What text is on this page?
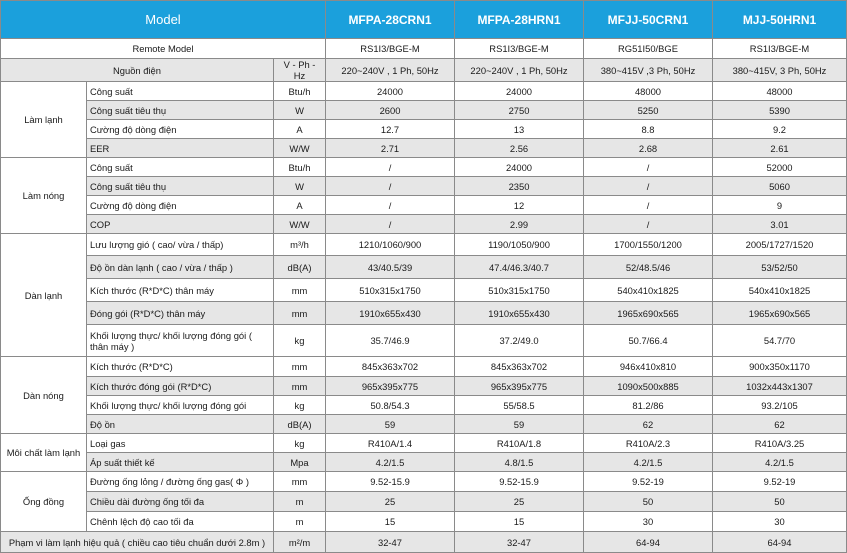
Model			MFPA-28CRN1	MFPA-28HRN1	MFJJ-50CRN1	MJJ-50HRN1
Remote Model			RS1I3/BGE-M	RS1I3/BGE-M	RG51I50/BGE	RS1I3/BGE-M
Nguồn điện		V - Ph - Hz	220~240V , 1 Ph, 50Hz	220~240V , 1 Ph, 50Hz	380~415V ,3 Ph, 50Hz	380~415V, 3 Ph, 50Hz
Làm lạnh	Công suất	Btu/h	24000	24000	48000	48000
	Công suất tiêu thụ	W	2600	2750	5250	5390
	Cường độ dòng điện	A	12.7	13	8.8	9.2
	EER	W/W	2.71	2.56	2.68	2.61
Làm nóng	Công suất	Btu/h	/	24000	/	52000
	Công suất tiêu thụ	W	/	2350	/	5060
	Cường độ dòng điện	A	/	12	/	9
	COP	W/W	/	2.99	/	3.01
Dàn lạnh	Lưu lượng gió ( cao/ vừa / thấp)	m³/h	1210/1060/900	1190/1050/900	1700/1550/1200	2005/1727/1520
	Độ ồn dàn lạnh ( cao / vừa / thấp )	dB(A)	43/40.5/39	47.4/46.3/40.7	52/48.5/46	53/52/50
	Kích thước (R*D*C) thân máy	mm	510x315x1750	510x315x1750	540x410x1825	540x410x1825
	Đóng gói (R*D*C) thân máy	mm	1910x655x430	1910x655x430	1965x690x565	1965x690x565
	Khối lượng thực/ khối lượng đóng gói ( thân máy )	kg	35.7/46.9	37.2/49.0	50.7/66.4	54.7/70
Dàn nóng	Kích thước (R*D*C)	mm	845x363x702	845x363x702	946x410x810	900x350x1170
	Kích thước đóng gói (R*D*C)	mm	965x395x775	965x395x775	1090x500x885	1032x443x1307
	Khối lượng thực/ khối lượng đóng gói	kg	50.8/54.3	55/58.5	81.2/86	93.2/105
	Độ ồn	dB(A)	59	59	62	62
Môi chất làm lạnh	Loại gas	kg	R410A/1.4	R410A/1.8	R410A/2.3	R410A/3.25
	Áp suất thiết kế	Mpa	4.2/1.5	4.8/1.5	4.2/1.5	4.2/1.5
Ống đồng	Đường ống lỏng / đường ống gas( Φ )	mm	9.52-15.9	9.52-15.9	9.52-19	9.52-19
	Chiều dài đường ống tối đa	m	25	25	50	50
	Chênh lệch độ cao tối đa	m	15	15	30	30
Phạm vi làm lạnh hiệu quả ( chiều cao tiêu chuẩn dưới 2.8m )		m²/m	32-47	32-47	64-94	64-94
